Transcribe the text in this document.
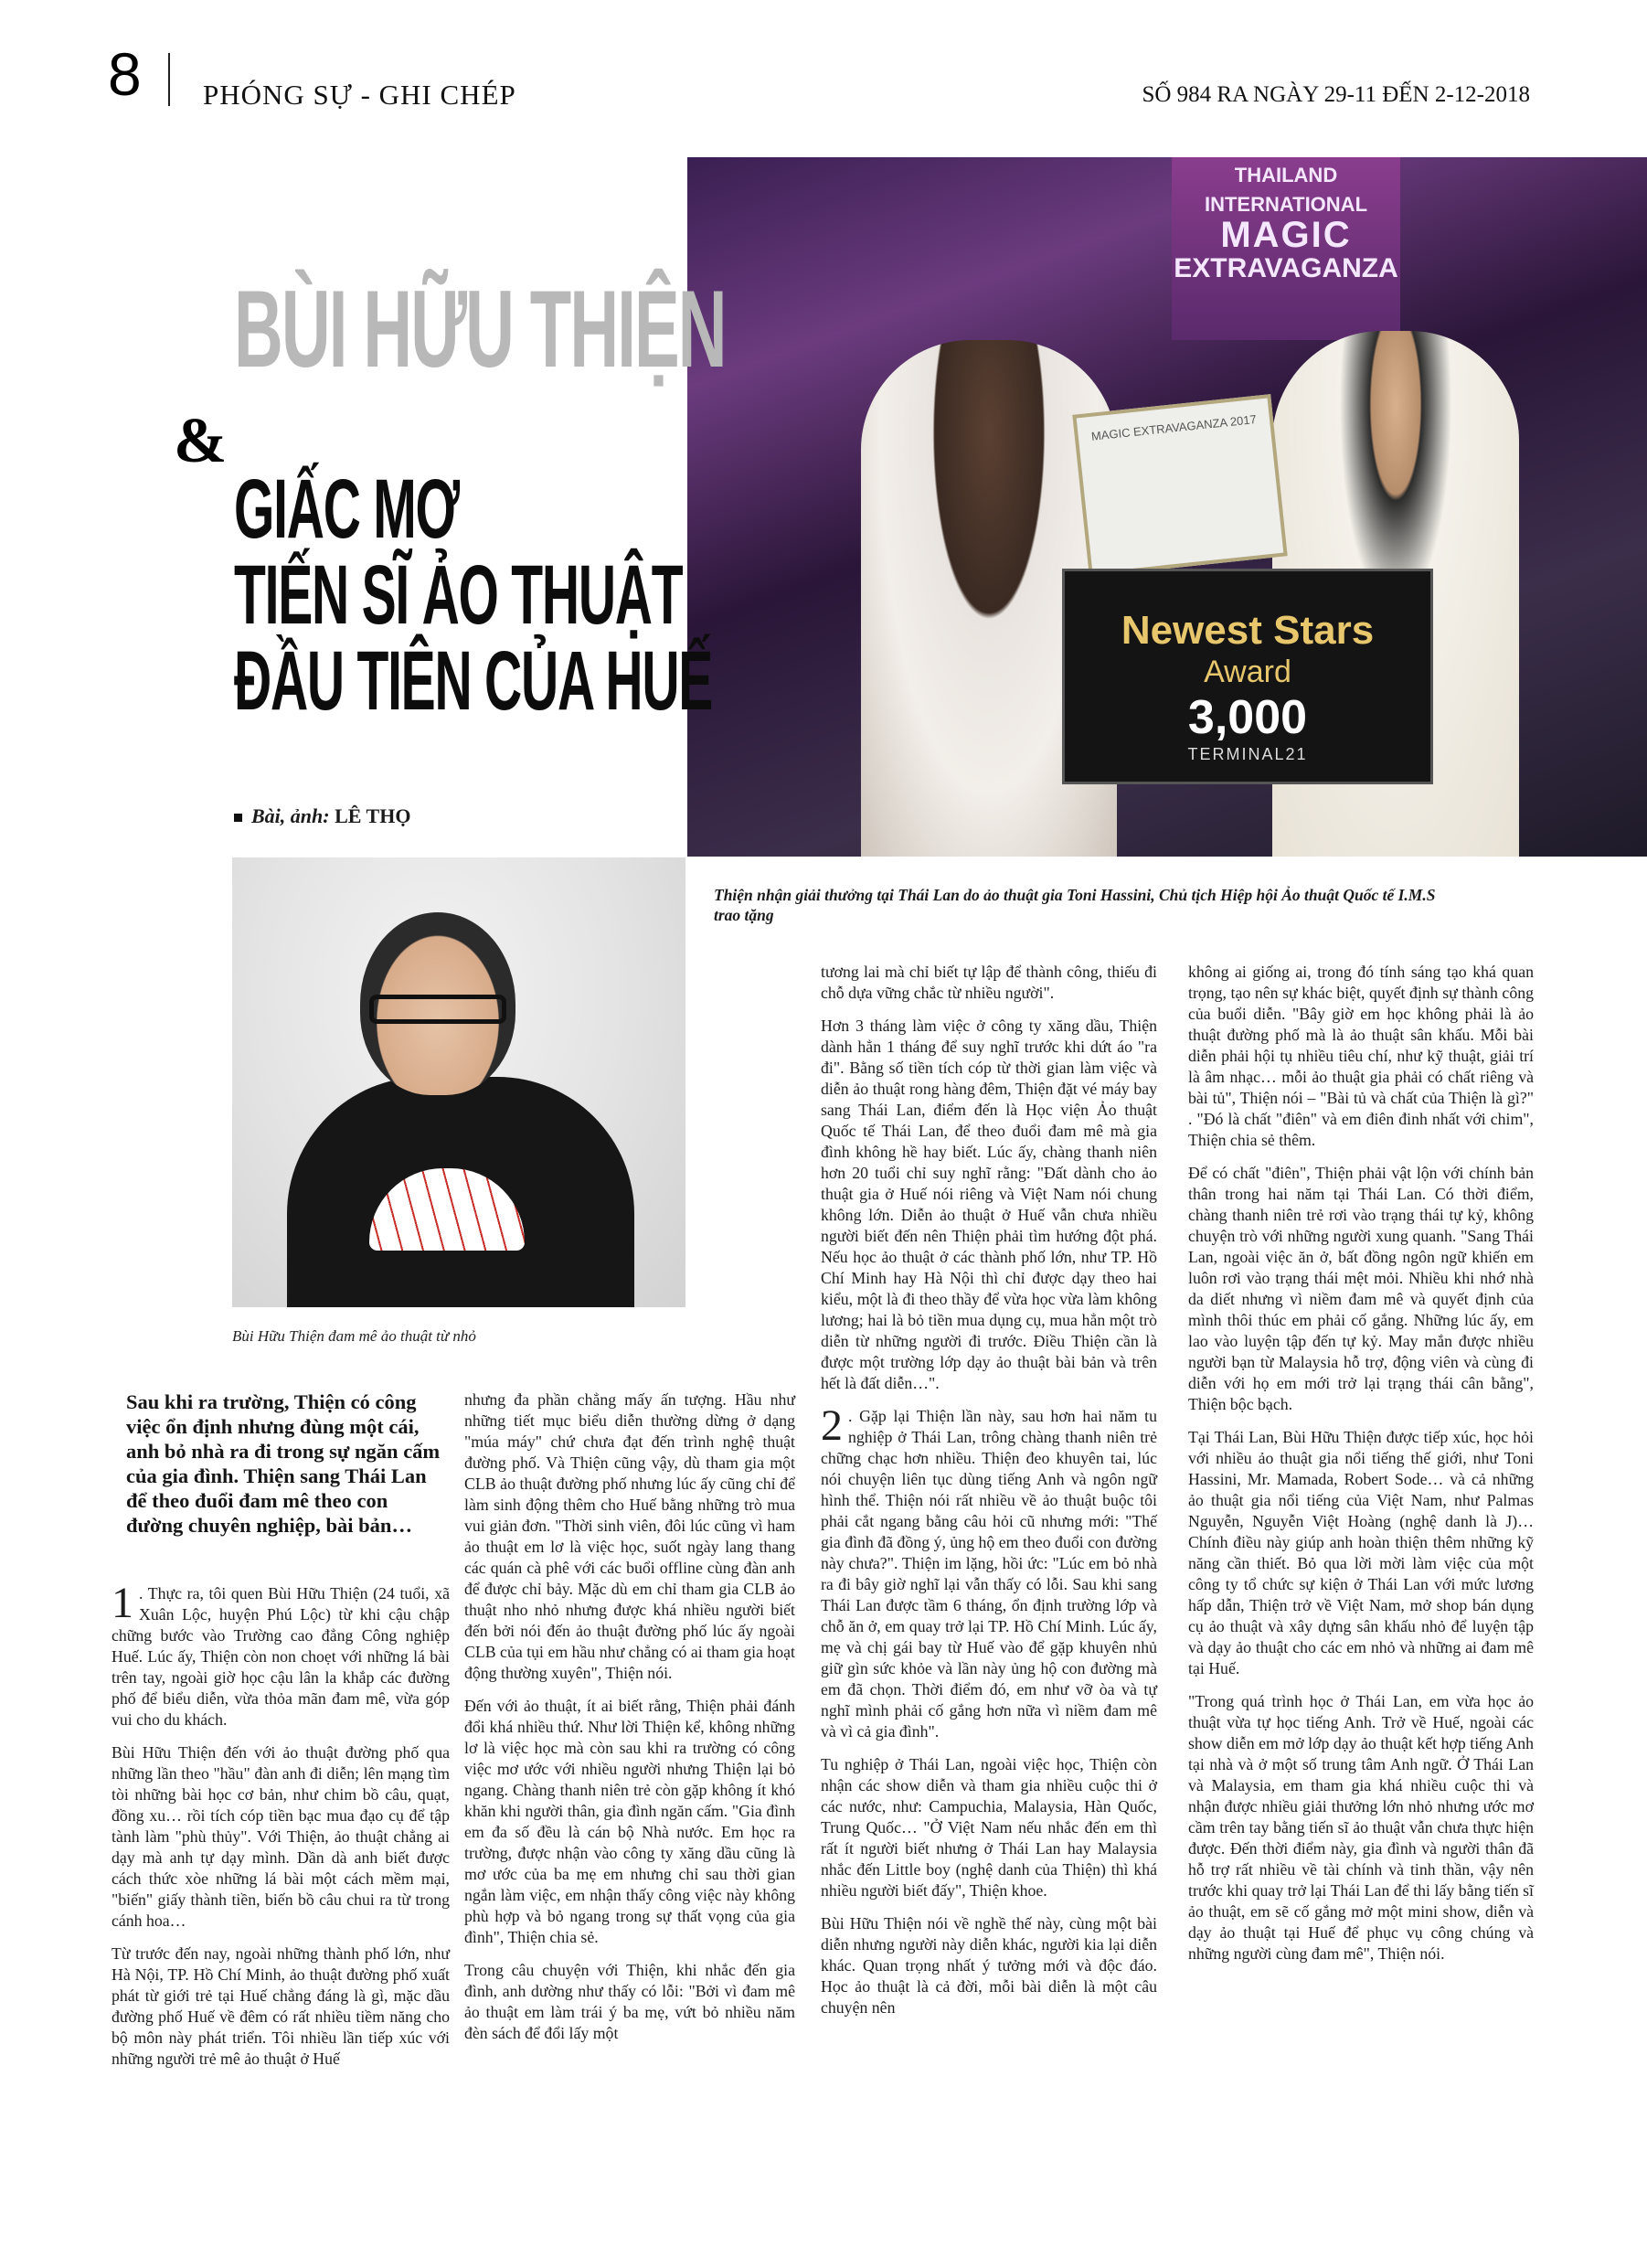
8 PHÓNG SỰ - GHI CHÉP	SỐ 984 RA NGÀY 29-11 ĐẾN 2-12-2018
THAILAND
INTERNATIONAL
MAGIC
EXTRAVAGANZA
MAGIC EXTRAVAGANZA 2017
Newest Stars
Award
3,000
TERMINAL21
Thiện nhận giải thưởng tại Thái Lan do ảo thuật gia Toni Hassini, Chủ tịch Hiệp hội Ảo thuật Quốc tế I.M.S trao tặng
Bùi Hữu Thiện đam mê ảo thuật từ nhỏ
BÙI HỮU THIỆN
&
GIẤC MƠ
TIẾN SĨ ẢO THUẬT
ĐẦU TIÊN CỦA HUẾ
Bài, ảnh: LÊ THỌ
Sau khi ra trường, Thiện có công việc ổn định nhưng đùng một cái, anh bỏ nhà ra đi trong sự ngăn cấm của gia đình. Thiện sang Thái Lan để theo đuổi đam mê theo con đường chuyên nghiệp, bài bản…

1 . Thực ra, tôi quen Bùi Hữu Thiện (24 tuổi, xã Xuân Lộc, huyện Phú Lộc) từ khi cậu chập chững bước vào Trường cao đẳng Công nghiệp Huế. Lúc ấy, Thiện còn non choẹt với những lá bài trên tay, ngoài giờ học cậu lân la khắp các đường phố để biểu diễn, vừa thỏa mãn đam mê, vừa góp vui cho du khách.

Bùi Hữu Thiện đến với ảo thuật đường phố qua những lần theo "hầu" đàn anh đi diễn; lên mạng tìm tòi những bài học cơ bản, như chim bồ câu, quạt, đồng xu… rồi tích cóp tiền bạc mua đạo cụ để tập tành làm "phù thủy". Với Thiện, ảo thuật chẳng ai dạy mà anh tự dạy mình. Dần dà anh biết được cách thức xòe những lá bài một cách mềm mại, "biến" giấy thành tiền, biến bồ câu chui ra từ trong cánh hoa…

Từ trước đến nay, ngoài những thành phố lớn, như Hà Nội, TP. Hồ Chí Minh, ảo thuật đường phố xuất phát từ giới trẻ tại Huế chẳng đáng là gì, mặc dầu đường phố Huế về đêm có rất nhiều tiềm năng cho bộ môn này phát triển. Tôi nhiều lần tiếp xúc với những người trẻ mê ảo thuật ở Huế

nhưng đa phần chẳng mấy ấn tượng. Hầu như những tiết mục biểu diễn thường dừng ở dạng "múa máy" chứ chưa đạt đến trình nghệ thuật đường phố. Và Thiện cũng vậy, dù tham gia một CLB ảo thuật đường phố nhưng lúc ấy cũng chỉ để làm sinh động thêm cho Huế bằng những trò mua vui giản đơn. "Thời sinh viên, đôi lúc cũng vì ham ảo thuật em lơ là việc học, suốt ngày lang thang các quán cà phê với các buổi offline cùng đàn anh để được chỉ bảy. Mặc dù em chỉ tham gia CLB ảo thuật nho nhỏ nhưng được khá nhiều người biết đến bởi nói đến ảo thuật đường phố lúc ấy ngoài CLB của tụi em hầu như chẳng có ai tham gia hoạt động thường xuyên", Thiện nói.

Đến với ảo thuật, ít ai biết rằng, Thiện phải đánh đổi khá nhiều thứ. Như lời Thiện kể, không những lơ là việc học mà còn sau khi ra trường có công việc mơ ước với nhiều người nhưng Thiện lại bỏ ngang. Chàng thanh niên trẻ còn gặp không ít khó khăn khi người thân, gia đình ngăn cấm. "Gia đình em đa số đều là cán bộ Nhà nước. Em học ra trường, được nhận vào công ty xăng dầu cũng là mơ ước của ba mẹ em nhưng chỉ sau thời gian ngắn làm việc, em nhận thấy công việc này không phù hợp và bỏ ngang trong sự thất vọng của gia đình", Thiện chia sẻ.

Trong câu chuyện với Thiện, khi nhắc đến gia đình, anh dường như thấy có lỗi: "Bởi vì đam mê ảo thuật em làm trái ý ba mẹ, vứt bỏ nhiều năm đèn sách để đổi lấy một

tương lai mà chỉ biết tự lập để thành công, thiếu đi chỗ dựa vững chắc từ nhiều người".

Hơn 3 tháng làm việc ở công ty xăng dầu, Thiện dành hẳn 1 tháng để suy nghĩ trước khi dứt áo "ra đi". Bằng số tiền tích cóp từ thời gian làm việc và diễn ảo thuật rong hàng đêm, Thiện đặt vé máy bay sang Thái Lan, điểm đến là Học viện Ảo thuật Quốc tế Thái Lan, để theo đuổi đam mê mà gia đình không hề hay biết. Lúc ấy, chàng thanh niên hơn 20 tuổi chỉ suy nghĩ rằng: "Đất dành cho ảo thuật gia ở Huế nói riêng và Việt Nam nói chung không lớn. Diễn ảo thuật ở Huế vẫn chưa nhiều người biết đến nên Thiện phải tìm hướng đột phá. Nếu học ảo thuật ở các thành phố lớn, như TP. Hồ Chí Minh hay Hà Nội thì chỉ được dạy theo hai kiểu, một là đi theo thầy để vừa học vừa làm không lương; hai là bỏ tiền mua dụng cụ, mua hẳn một trò diễn từ những người đi trước. Điều Thiện cần là được một trường lớp dạy ảo thuật bài bản và trên hết là đất diễn…".

2 . Gặp lại Thiện lần này, sau hơn hai năm tu nghiệp ở Thái Lan, trông chàng thanh niên trẻ chững chạc hơn nhiều. Thiện đeo khuyên tai, lúc nói chuyện liên tục dùng tiếng Anh và ngôn ngữ hình thể. Thiện nói rất nhiều về ảo thuật buộc tôi phải cắt ngang bằng câu hỏi cũ nhưng mới: "Thế gia đình đã đồng ý, ủng hộ em theo đuổi con đường này chưa?". Thiện im lặng, hồi ức: "Lúc em bỏ nhà ra đi bây giờ nghĩ lại vẫn thấy có lỗi. Sau khi sang Thái Lan được tầm 6 tháng, ổn định trường lớp và chỗ ăn ở, em quay trở lại TP. Hồ Chí Minh. Lúc ấy, mẹ và chị gái bay từ Huế vào để gặp khuyên nhủ giữ gìn sức khỏe và lần này ủng hộ con đường mà em đã chọn. Thời điểm đó, em như vỡ òa và tự nghĩ mình phải cố gắng hơn nữa vì niềm đam mê và vì cả gia đình".

Tu nghiệp ở Thái Lan, ngoài việc học, Thiện còn nhận các show diễn và tham gia nhiều cuộc thi ở các nước, như: Campuchia, Malaysia, Hàn Quốc, Trung Quốc… "Ở Việt Nam nếu nhắc đến em thì rất ít người biết nhưng ở Thái Lan hay Malaysia nhắc đến Little boy (nghệ danh của Thiện) thì khá nhiều người biết đấy", Thiện khoe.

Bùi Hữu Thiện nói về nghề thế này, cùng một bài diễn nhưng người này diễn khác, người kia lại diễn khác. Quan trọng nhất ý tưởng mới và độc đáo. Học ảo thuật là cả đời, mỗi bài diễn là một câu chuyện nên

không ai giống ai, trong đó tính sáng tạo khá quan trọng, tạo nên sự khác biệt, quyết định sự thành công của buổi diễn. "Bây giờ em học không phải là ảo thuật đường phố mà là ảo thuật sân khấu. Mỗi bài diễn phải hội tụ nhiều tiêu chí, như kỹ thuật, giải trí là âm nhạc… mỗi ảo thuật gia phải có chất riêng và bài tủ", Thiện nói – "Bài tủ và chất của Thiện là gì?" . "Đó là chất "điên" và em điên đinh nhất với chim", Thiện chia sẻ thêm.

Để có chất "điên", Thiện phải vật lộn với chính bản thân trong hai năm tại Thái Lan. Có thời điểm, chàng thanh niên trẻ rơi vào trạng thái tự kỷ, không chuyện trò với những người xung quanh. "Sang Thái Lan, ngoài việc ăn ở, bất đồng ngôn ngữ khiến em luôn rơi vào trạng thái mệt mỏi. Nhiều khi nhớ nhà da diết nhưng vì niềm đam mê và quyết định của mình thôi thúc em phải cố gắng. Những lúc ấy, em lao vào luyện tập đến tự kỷ. May mắn được nhiều người bạn từ Malaysia hỗ trợ, động viên và cùng đi diễn với họ em mới trở lại trạng thái cân bằng", Thiện bộc bạch.

Tại Thái Lan, Bùi Hữu Thiện được tiếp xúc, học hỏi với nhiều ảo thuật gia nổi tiếng thế giới, như Toni Hassini, Mr. Mamada, Robert Sode… và cả những ảo thuật gia nổi tiếng của Việt Nam, như Palmas Nguyễn, Nguyễn Việt Hoàng (nghệ danh là J)… Chính điều này giúp anh hoàn thiện thêm những kỹ năng cần thiết. Bỏ qua lời mời làm việc của một công ty tổ chức sự kiện ở Thái Lan với mức lương hấp dẫn, Thiện trở về Việt Nam, mở shop bán dụng cụ ảo thuật và xây dựng sân khấu nhỏ để luyện tập và dạy ảo thuật cho các em nhỏ và những ai đam mê tại Huế.

"Trong quá trình học ở Thái Lan, em vừa học ảo thuật vừa tự học tiếng Anh. Trở về Huế, ngoài các show diễn em mở lớp dạy ảo thuật kết hợp tiếng Anh tại nhà và ở một số trung tâm Anh ngữ. Ở Thái Lan và Malaysia, em tham gia khá nhiều cuộc thi và nhận được nhiều giải thưởng lớn nhỏ nhưng ước mơ cầm trên tay bằng tiến sĩ ảo thuật vẫn chưa thực hiện được. Đến thời điểm này, gia đình và người thân đã hỗ trợ rất nhiều về tài chính và tinh thần, vậy nên trước khi quay trở lại Thái Lan để thi lấy bằng tiến sĩ ảo thuật, em sẽ cố gắng mở một mini show, diễn và dạy ảo thuật tại Huế để phục vụ công chúng và những người cùng đam mê", Thiện nói.
